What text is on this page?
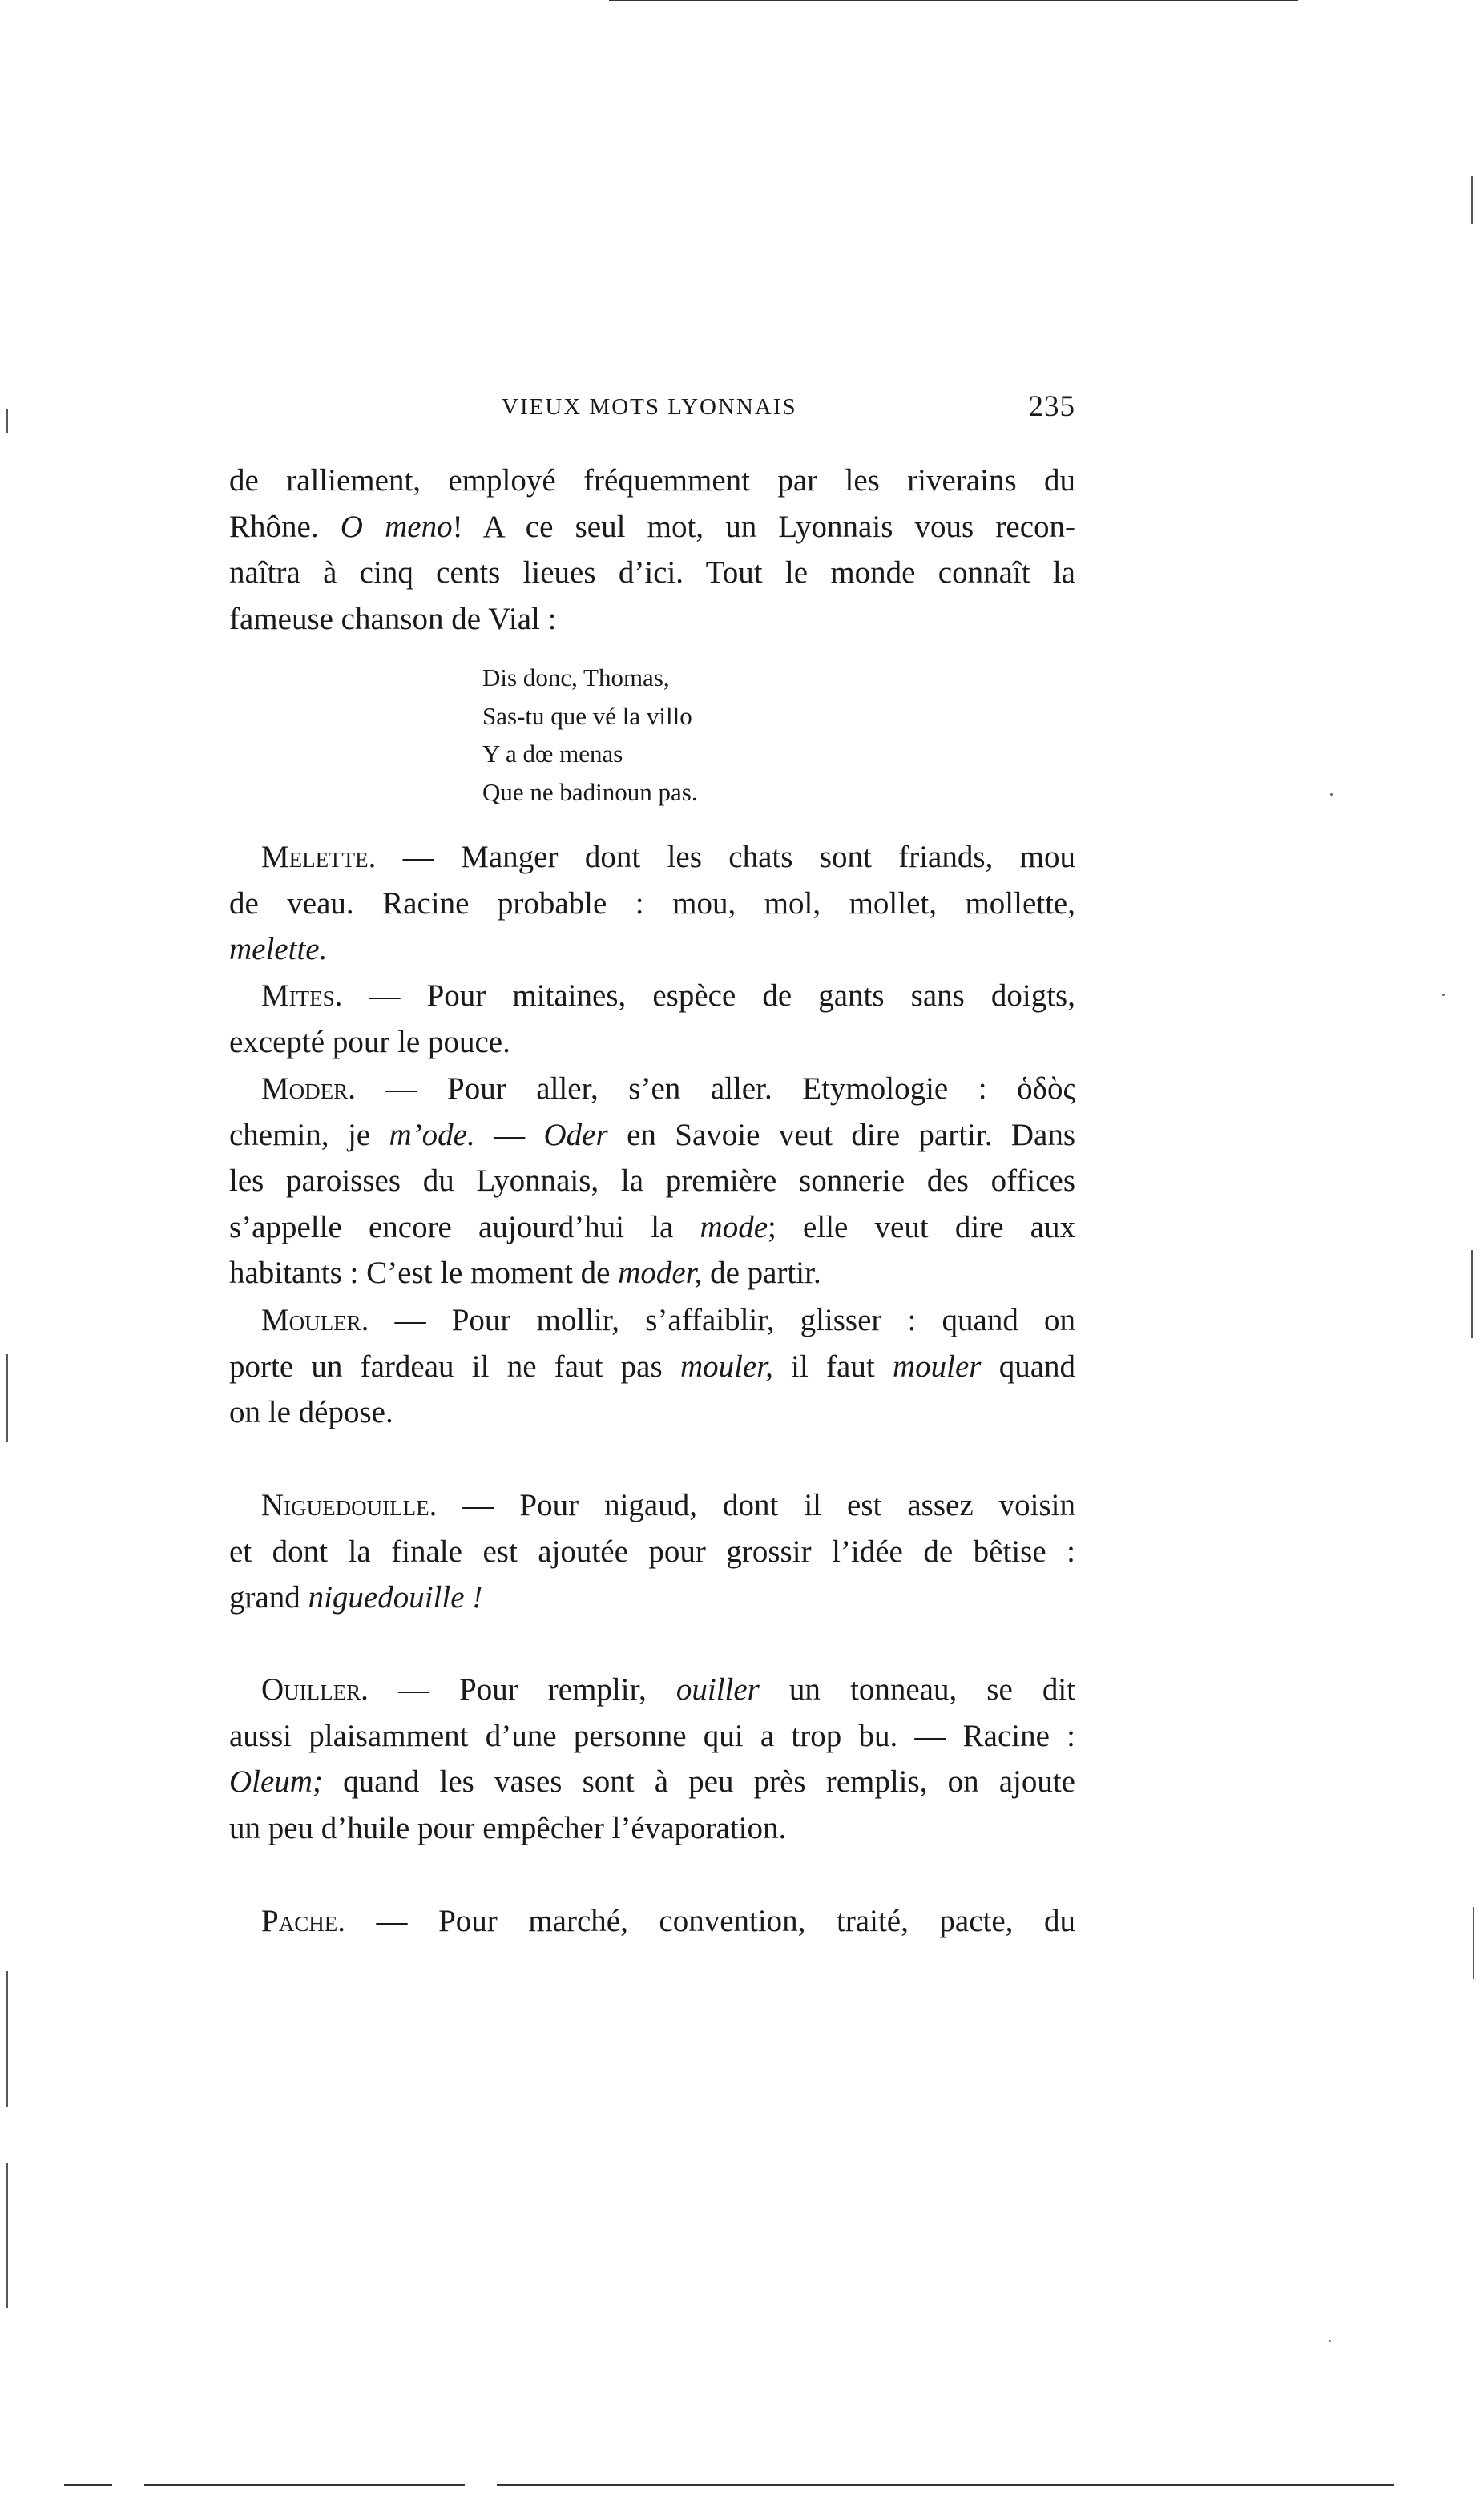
VIEUX MOTS LYONNAIS	235
de ralliement, employé fréquemment par les riverains du
Rhône. O meno! A ce seul mot, un Lyonnais vous recon-
naîtra à cinq cents lieues d’ici. Tout le monde connaît la
fameuse chanson de Vial :
Dis donc, Thomas,
Sas-tu que vé la villo
Y a dœ menas
Que ne badinoun pas.
Melette. — Manger dont les chats sont friands, mou
de veau. Racine probable : mou, mol, mollet, mollette,
melette.
Mites. — Pour mitaines, espèce de gants sans doigts,
excepté pour le pouce.
Moder. — Pour aller, s’en aller. Etymologie : ὁδὸς
chemin, je m’ode. — Oder en Savoie veut dire partir. Dans
les paroisses du Lyonnais, la première sonnerie des offices
s’appelle encore aujourd’hui la mode; elle veut dire aux
habitants : C’est le moment de moder, de partir.
Mouler. — Pour mollir, s’affaiblir, glisser : quand on
porte un fardeau il ne faut pas mouler, il faut mouler quand
on le dépose.
Niguedouille. — Pour nigaud, dont il est assez voisin
et dont la finale est ajoutée pour grossir l’idée de bêtise :
grand niguedouille !
Ouiller. — Pour remplir, ouiller un tonneau, se dit
aussi plaisamment d’une personne qui a trop bu. — Racine :
Oleum; quand les vases sont à peu près remplis, on ajoute
un peu d’huile pour empêcher l’évaporation.
Pache. — Pour marché, convention, traité, pacte, du
